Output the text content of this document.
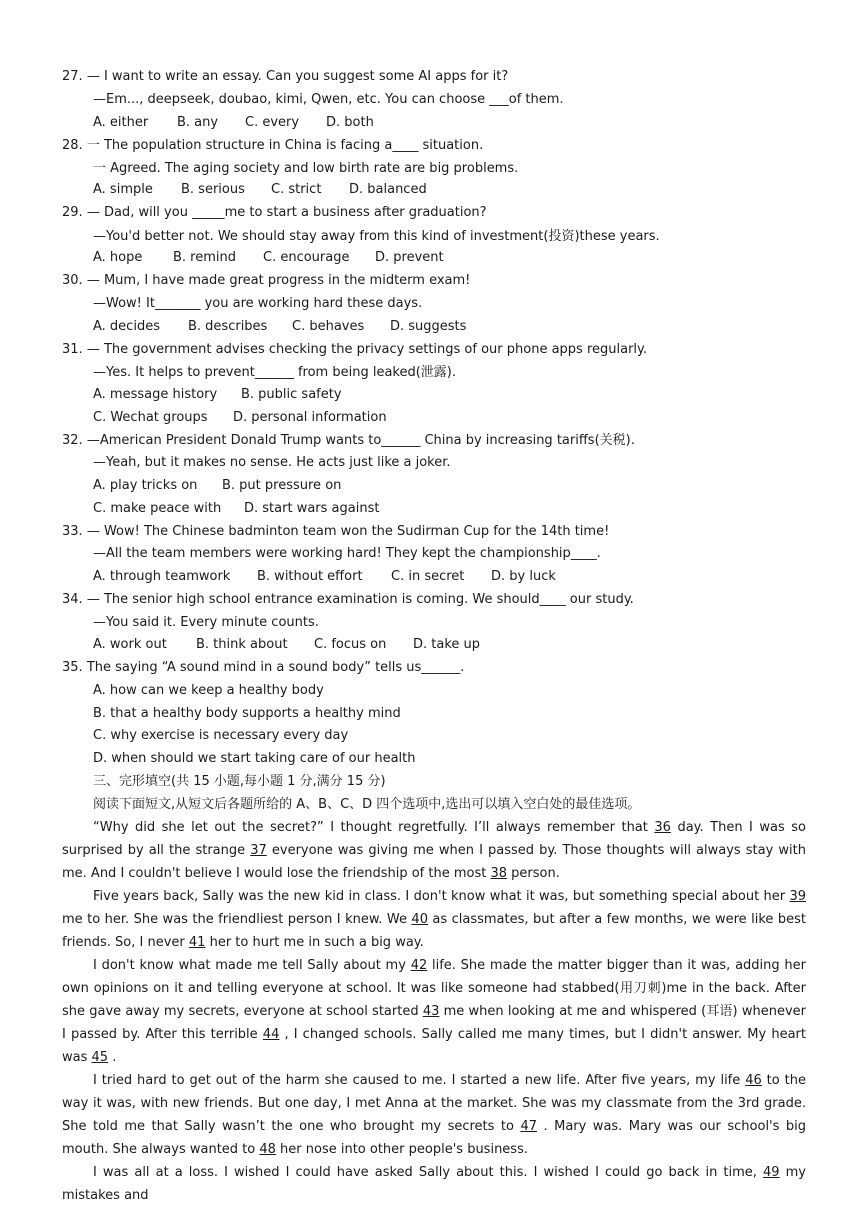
27. — I want to write an essay. Can you suggest some AI apps for it?
—Em..., deepseek, doubao, kimi, Qwen, etc. You can choose ___of them.
A. either B. any C. every D. both
28. 一 The population structure in China is facing a____ situation.
一 Agreed. The aging society and low birth rate are big problems.
A. simple B. serious C. strict D. balanced
29. — Dad, will you _____me to start a business after graduation?
—You'd better not. We should stay away from this kind of investment(投资)these years.
A. hope B. remind C. encourage D. prevent
30. — Mum, I have made great progress in the midterm exam!
—Wow! It_______ you are working hard these days.
A. decides B. describes C. behaves D. suggests
31. — The government advises checking the privacy settings of our phone apps regularly.
—Yes. It helps to prevent______ from being leaked(泄露).
A. message history B. public safety
C. Wechat groups D. personal information
32. —American President Donald Trump wants to______ China by increasing tariffs(关税).
—Yeah, but it makes no sense. He acts just like a joker.
A. play tricks on B. put pressure on
C. make peace with D. start wars against
33. — Wow! The Chinese badminton team won the Sudirman Cup for the 14th time!
—All the team members were working hard! They kept the championship____.
A. through teamwork B. without effort C. in secret D. by luck
34. — The senior high school entrance examination is coming. We should____ our study.
—You said it. Every minute counts.
A. work out B. think about C. focus on D. take up
35. The saying “A sound mind in a sound body” tells us______.
A. how can we keep a healthy body
B. that a healthy body supports a healthy mind
C. why exercise is necessary every day
D. when should we start taking care of our health
三、完形填空(共 15 小题,每小题 1 分,满分 15 分)
阅读下面短文,从短文后各题所给的 A、B、C、D 四个选项中,选出可以填入空白处的最佳选项。

“Why did she let out the secret?” I thought regretfully. I’ll always remember that 36 day. Then I was so surprised by all the strange 37 everyone was giving me when I passed by. Those thoughts will always stay with me. And I couldn't believe I would lose the friendship of the most 38 person.

Five years back, Sally was the new kid in class. I don't know what it was, but something special about her 39 me to her. She was the friendliest person I knew. We 40 as classmates, but after a few months, we were like best friends. So, I never 41 her to hurt me in such a big way.

I don't know what made me tell Sally about my 42 life. She made the matter bigger than it was, adding her own opinions on it and telling everyone at school. It was like someone had stabbed(用刀刺)me in the back. After she gave away my secrets, everyone at school started 43 me when looking at me and whispered (耳语) whenever I passed by. After this terrible 44 , I changed schools. Sally called me many times, but I didn't answer. My heart was 45 .

I tried hard to get out of the harm she caused to me. I started a new life. After five years, my life 46 to the way it was, with new friends. But one day, I met Anna at the market. She was my classmate from the 3rd grade. She told me that Sally wasn’t the one who brought my secrets to 47 . Mary was. Mary was our school's big mouth. She always wanted to 48 her nose into other people's business.

I was all at a loss. I wished I could have asked Sally about this. I wished I could go back in time, 49 my mistakes and
